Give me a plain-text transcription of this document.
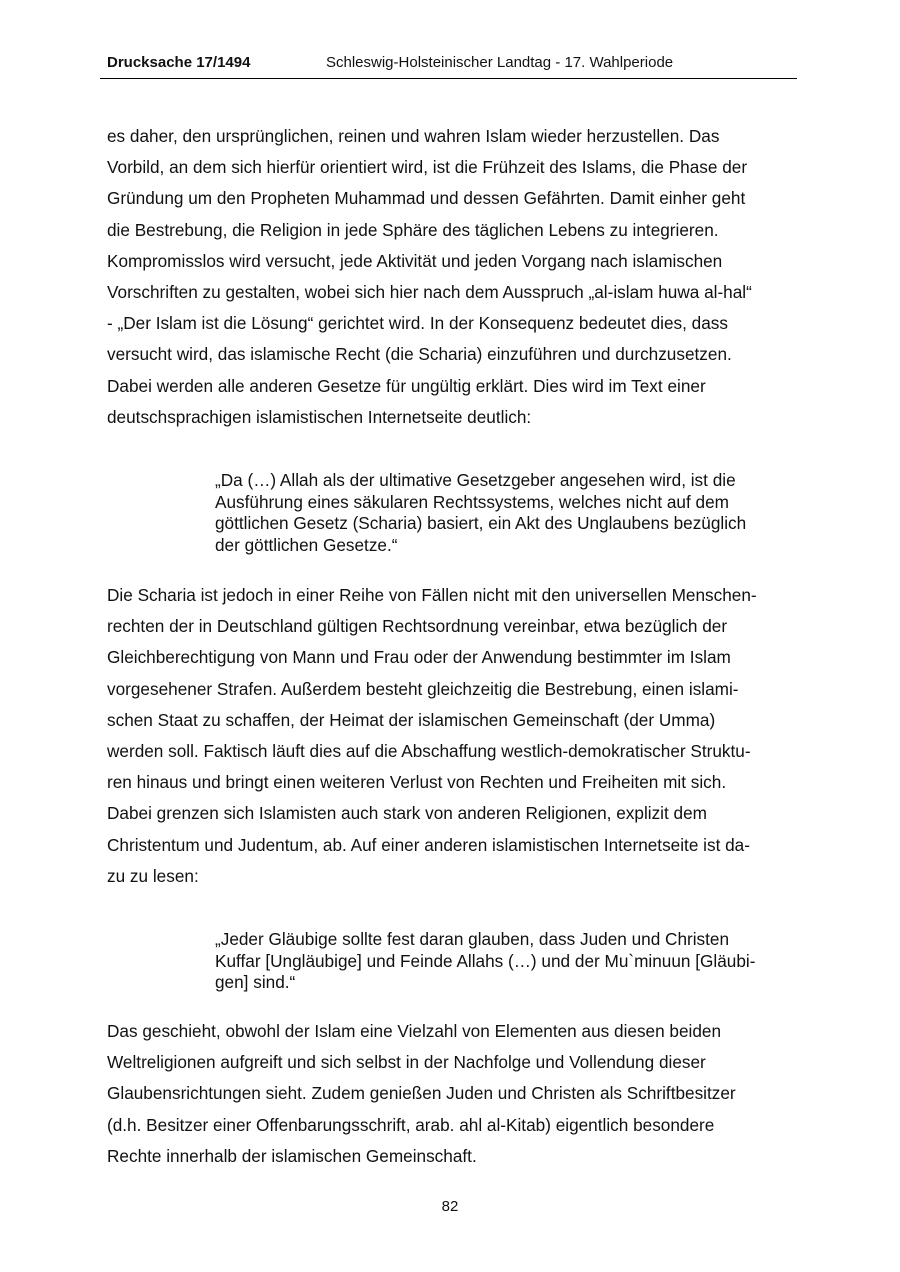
Drucksache 17/1494	Schleswig-Holsteinischer Landtag - 17. Wahlperiode

es daher, den ursprünglichen, reinen und wahren Islam wieder herzustellen. Das
Vorbild, an dem sich hierfür orientiert wird, ist die Frühzeit des Islams, die Phase der
Gründung um den Propheten Muhammad und dessen Gefährten. Damit einher geht
die Bestrebung, die Religion in jede Sphäre des täglichen Lebens zu integrieren.
Kompromisslos wird versucht, jede Aktivität und jeden Vorgang nach islamischen
Vorschriften zu gestalten, wobei sich hier nach dem Ausspruch „al-islam huwa al-hal“
- „Der Islam ist die Lösung“ gerichtet wird. In der Konsequenz bedeutet dies, dass
versucht wird, das islamische Recht (die Scharia) einzuführen und durchzusetzen.
Dabei werden alle anderen Gesetze für ungültig erklärt. Dies wird im Text einer
deutschsprachigen islamistischen Internetseite deutlich:

„Da (…) Allah als der ultimative Gesetzgeber angesehen wird, ist die
Ausführung eines säkularen Rechtssystems, welches nicht auf dem
göttlichen Gesetz (Scharia) basiert, ein Akt des Unglaubens bezüglich
der göttlichen Gesetze.“

Die Scharia ist jedoch in einer Reihe von Fällen nicht mit den universellen Menschen-
rechten der in Deutschland gültigen Rechtsordnung vereinbar, etwa bezüglich der
Gleichberechtigung von Mann und Frau oder der Anwendung bestimmter im Islam
vorgesehener Strafen. Außerdem besteht gleichzeitig die Bestrebung, einen islami-
schen Staat zu schaffen, der Heimat der islamischen Gemeinschaft (der Umma)
werden soll. Faktisch läuft dies auf die Abschaffung westlich-demokratischer Struktu-
ren hinaus und bringt einen weiteren Verlust von Rechten und Freiheiten mit sich.
Dabei grenzen sich Islamisten auch stark von anderen Religionen, explizit dem
Christentum und Judentum, ab. Auf einer anderen islamistischen Internetseite ist da-
zu zu lesen:

„Jeder Gläubige sollte fest daran glauben, dass Juden und Christen
Kuffar [Ungläubige] und Feinde Allahs (…) und der Mu`minuun [Gläubi-
gen] sind.“

Das geschieht, obwohl der Islam eine Vielzahl von Elementen aus diesen beiden
Weltreligionen aufgreift und sich selbst in der Nachfolge und Vollendung dieser
Glaubensrichtungen sieht. Zudem genießen Juden und Christen als Schriftbesitzer
(d.h. Besitzer einer Offenbarungsschrift, arab. ahl al-Kitab) eigentlich besondere
Rechte innerhalb der islamischen Gemeinschaft.

82
